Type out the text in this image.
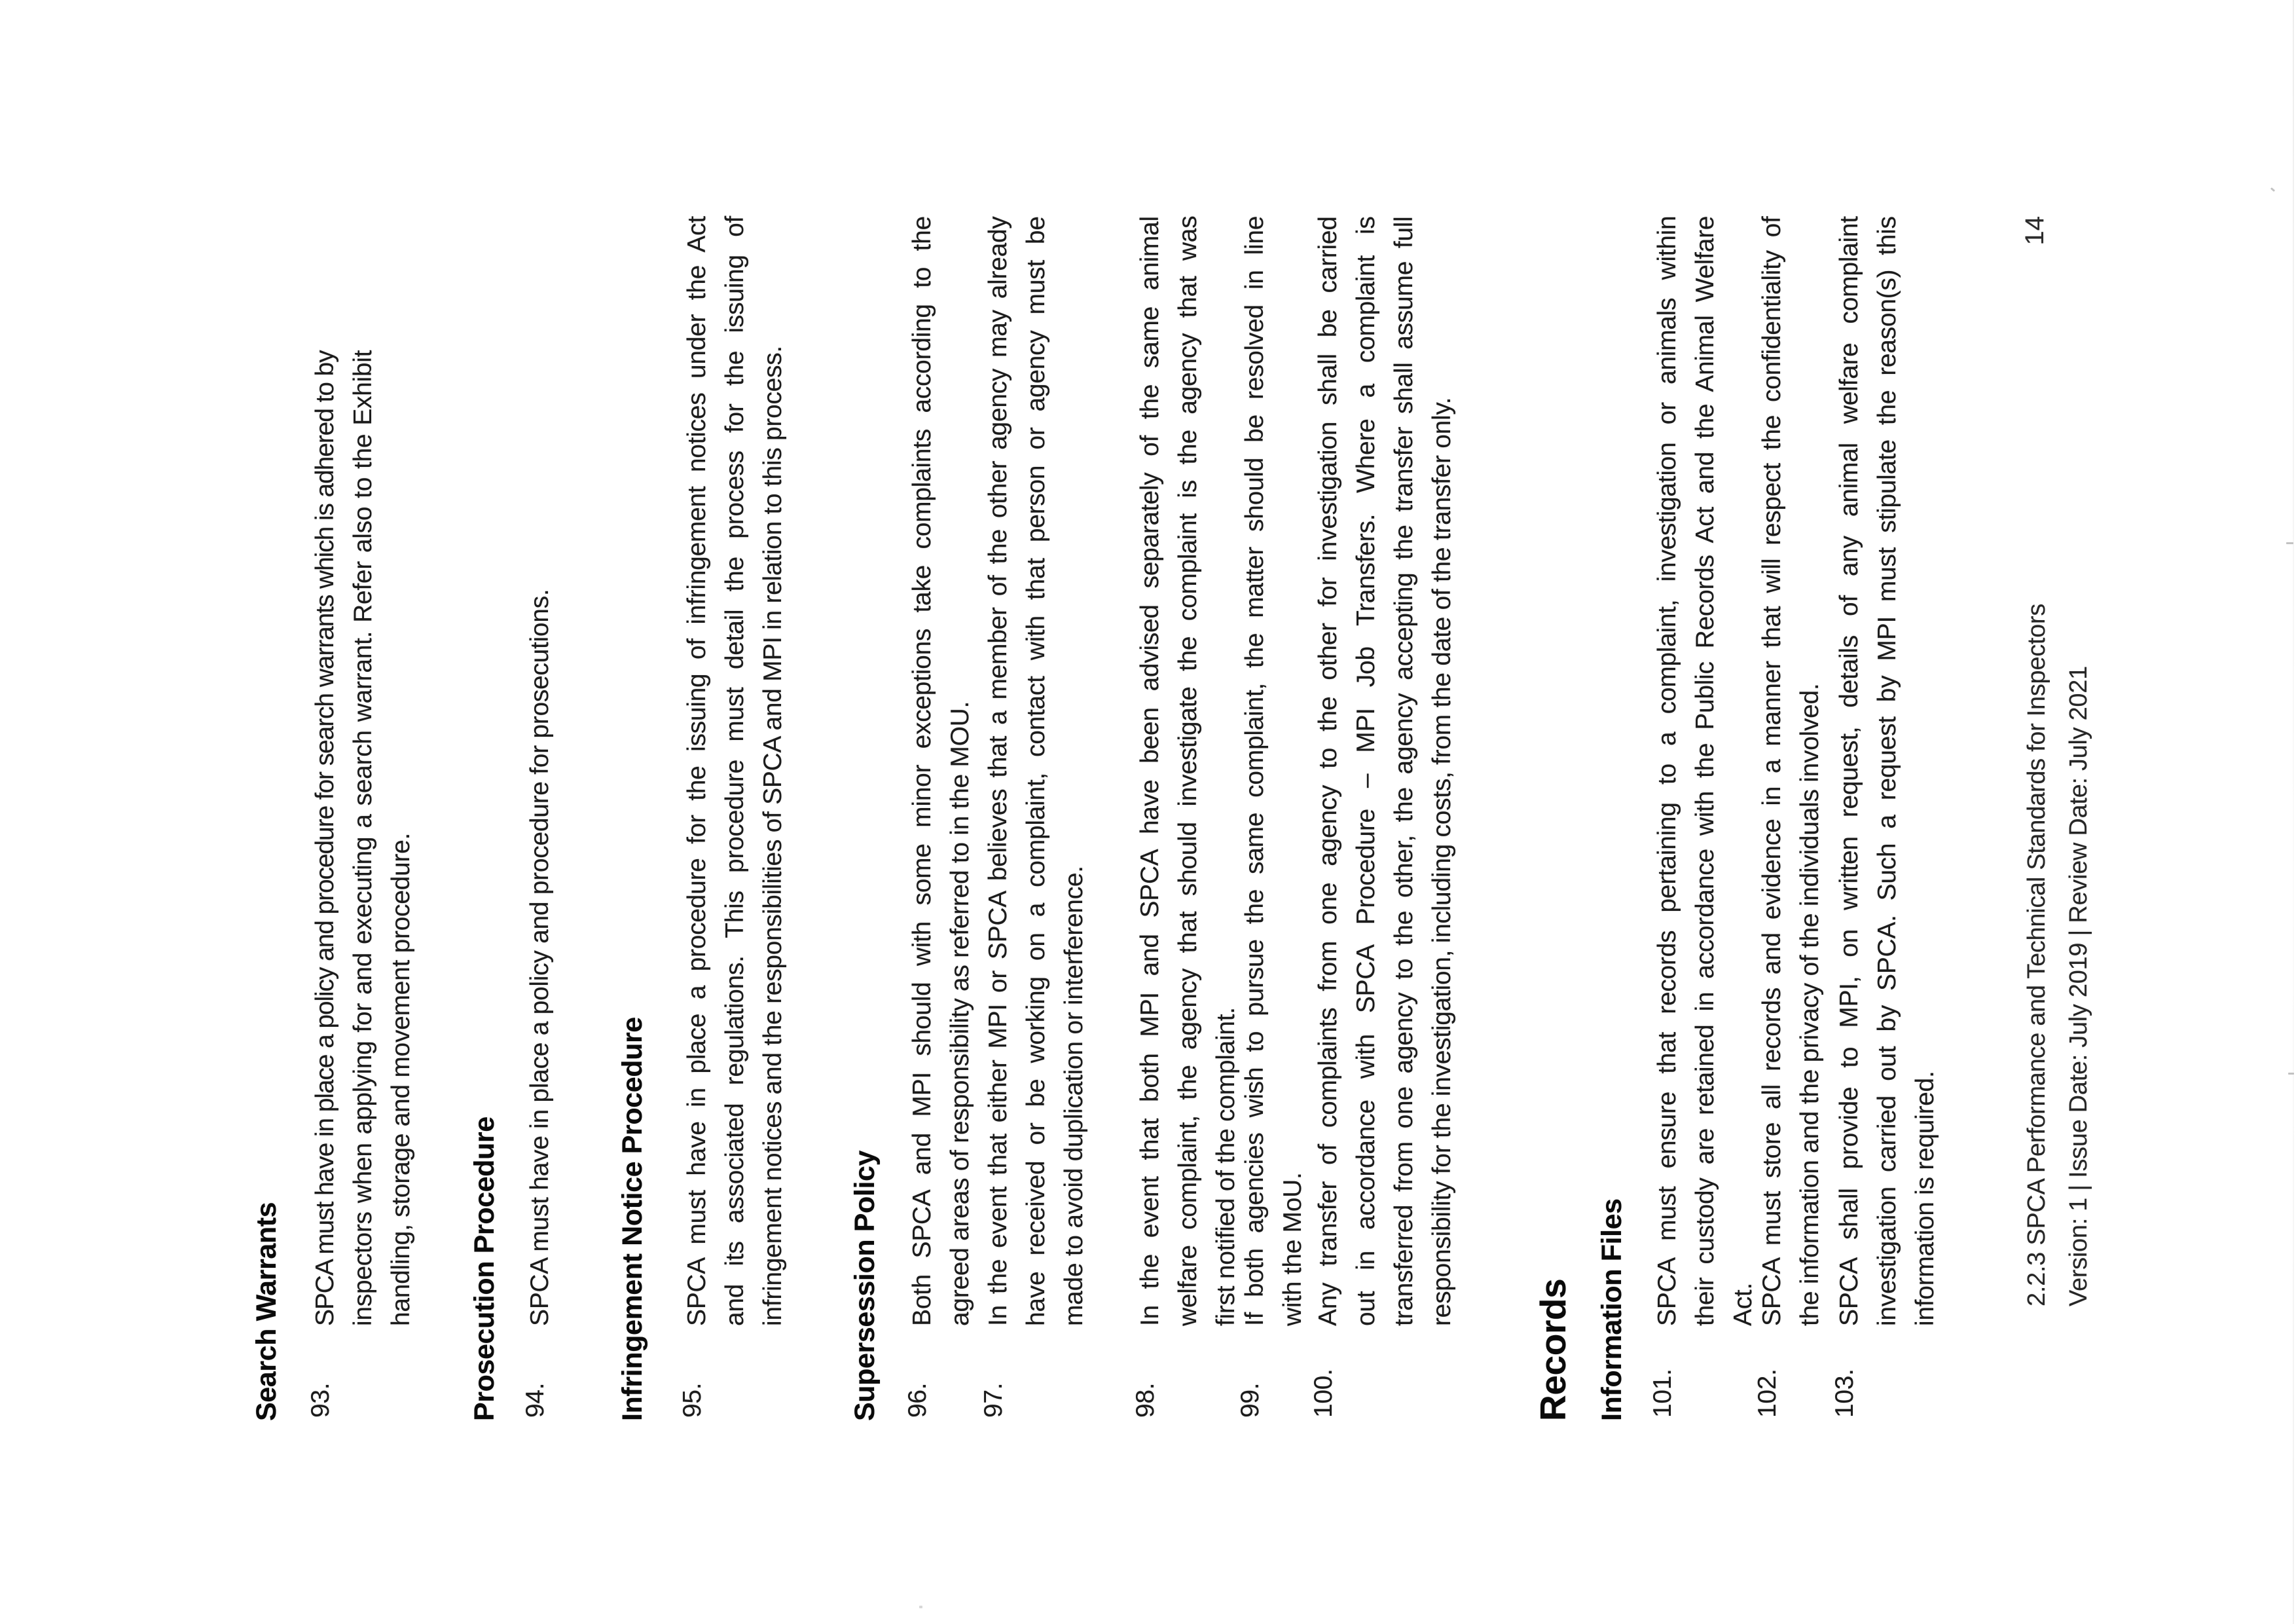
Search Warrants 93.
SPCA must have in place a policy and procedure for search warrants which is adhered to by inspectors when applying for and executing a search warrant. Refer also to the Exhibit handling, storage and movement procedure. Prosecution Procedure 94.
SPCA must have in place a policy and procedure for prosecutions. Infringement Notice Procedure 95.
SPCA must have in place a procedure for the issuing of infringement notices under the Act and its associated regulations. This procedure must detail the process for the issuing of infringement notices and the responsibilities of SPCA and MPI in relation to this process. Supersession Policy 96.
Both SPCA and MPI should with some minor exceptions take complaints according to the agreed areas of responsibility as referred to in the MOU.
97.
In the event that either MPI or SPCA believes that a member of the other agency may already have received or be working on a complaint, contact with that person or agency must be made to avoid duplication or interference.
98.
In the event that both MPI and SPCA have been advised separately of the same animal welfare complaint, the agency that should investigate the complaint is the agency that was first notified of the complaint.
99.
If both agencies wish to pursue the same complaint, the matter should be resolved in line with the MoU.
100.
Any transfer of complaints from one agency to the other for investigation shall be carried out in accordance with SPCA Procedure – MPI Job Transfers. Where a complaint is transferred from one agency to the other, the agency accepting the transfer shall assume full responsibility for the investigation, including costs, from the date of the transfer only.
Records Information Files 101.
SPCA must ensure that records pertaining to a complaint, investigation or animals within their custody are retained in accordance with the Public Records Act and the Animal Welfare Act.
102.
SPCA must store all records and evidence in a manner that will respect the confidentiality of the information and the privacy of the individuals involved.
103.
SPCA shall provide to MPI, on written request, details of any animal welfare complaint investigation carried out by SPCA. Such a request by MPI must stipulate the reason(s) this information is required.	2.2.3 SPCA Performance and Technical Standards for Inspectors Version: 1 | Issue Date: July 2019 | Review Date: July 2021
14
